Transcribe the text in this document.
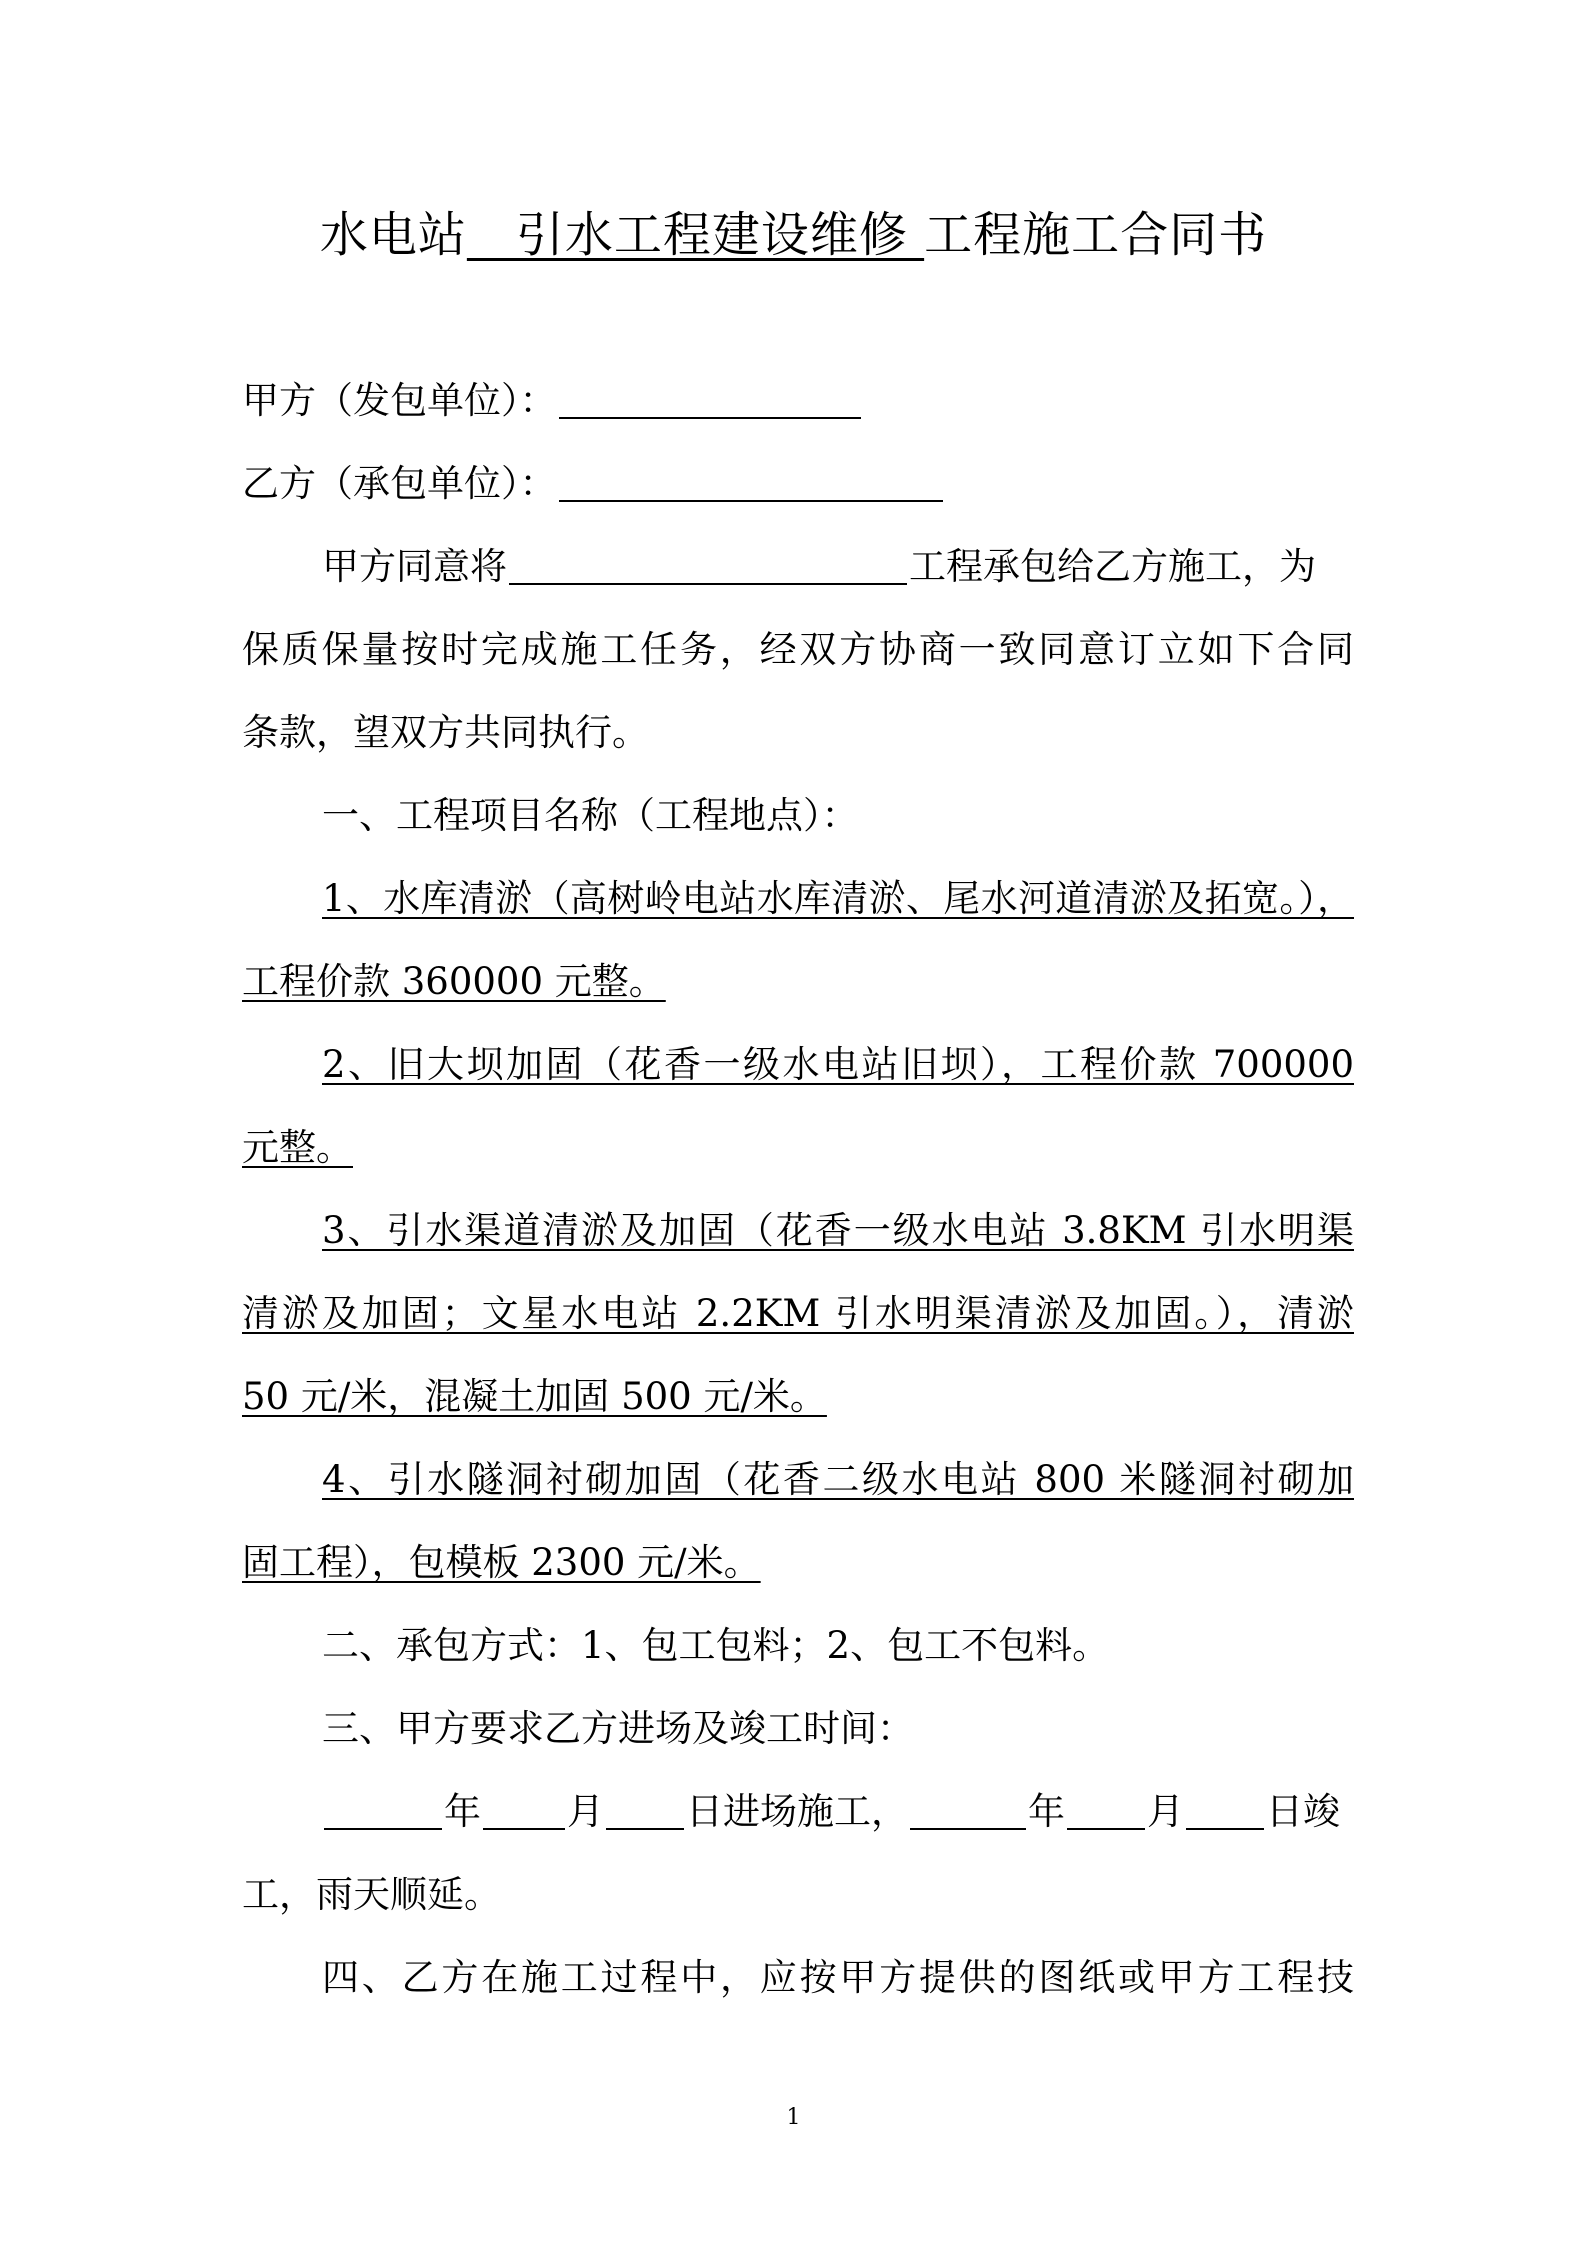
水电站　引水工程建设维修 工程施工合同书
甲方（发包单位）：
乙方（承包单位）：
甲方同意将	工程承包给乙方施工，为
保质保量按时完成施工任务，经双方协商一致同意订立如下合同
条款，望双方共同执行。
一、工程项目名称（工程地点）：
1、水库清淤（高树岭电站水库清淤、尾水河道清淤及拓宽。），
工程价款 360000 元整。
2、旧大坝加固（花香一级水电站旧坝），工程价款 700000
元整。
3、引水渠道清淤及加固（花香一级水电站 3.8KM 引水明渠
清淤及加固；文星水电站 2.2KM 引水明渠清淤及加固。），清淤
50 元/米，混凝土加固 500 元/米。
4、引水隧洞衬砌加固（花香二级水电站 800 米隧洞衬砌加
固工程），包模板 2300 元/米。
二、承包方式：1、包工包料；2、包工不包料。
三、甲方要求乙方进场及竣工时间：
年 月 日进场施工，	年 月 日竣
工，雨天顺延。
四、乙方在施工过程中，应按甲方提供的图纸或甲方工程技
1
